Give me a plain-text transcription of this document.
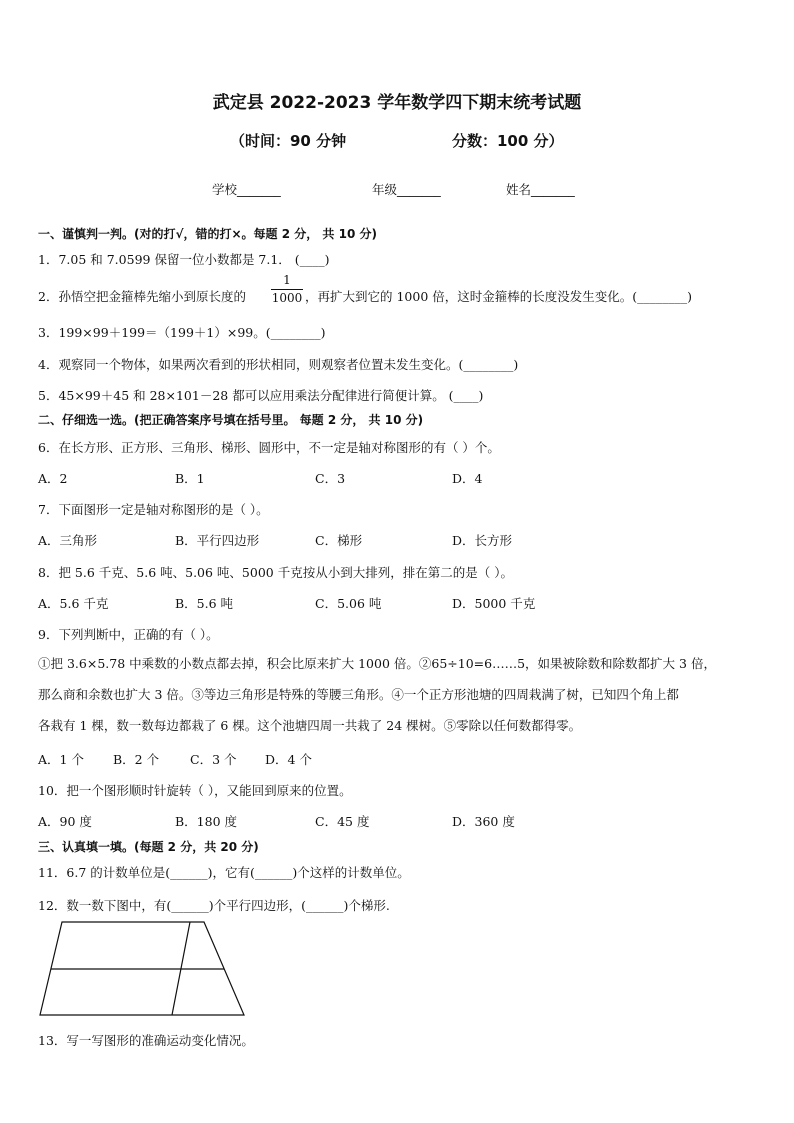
武定县 2022-2023 学年数学四下期末统考试题
（时间：90 分钟	分数：100 分）
学校_______	年级_______	姓名_______
一、谨慎判一判。(对的打√，错的打×。每题 2 分， 共 10 分)
1．7.05 和 7.0599 保留一位小数都是 7.1． (____)
2．孙悟空把金箍棒先缩小到原长度的
1
1000 ，再扩大到它的 1000 倍，这时金箍棒的长度没发生变化。(________)
3．199×99＋199＝（199＋1）×99。(________)
4．观察同一个物体，如果两次看到的形状相同，则观察者位置未发生变化。(________)
5．45×99＋45 和 28×101－28 都可以应用乘法分配律进行简便计算。 (____)
二、仔细选一选。(把正确答案序号填在括号里。 每题 2 分， 共 10 分)
6．在长方形、正方形、三角形、梯形、圆形中，不一定是轴对称图形的有（ ）个。
A．2	B．1	C．3	D．4
7．下面图形一定是轴对称图形的是（ ）。
A．三角形	B．平行四边形	C．梯形	D．长方形
8．把 5.6 千克、5.6 吨、5.06 吨、5000 千克按从小到大排列，排在第二的是（ ）。
A．5.6 千克	B．5.6 吨	C．5.06 吨	D．5000 千克
9．下列判断中，正确的有（ ）。
①把 3.6×5.78 中乘数的小数点都去掉，积会比原来扩大 1000 倍。②65÷10=6……5，如果被除数和除数都扩大 3 倍，
那么商和余数也扩大 3 倍。③等边三角形是特殊的等腰三角形。④一个正方形池塘的四周栽满了树，已知四个角上都
各栽有 1 棵，数一数每边都栽了 6 棵。这个池塘四周一共栽了 24 棵树。⑤零除以任何数都得零。
A．1 个 B．2 个 C．3 个 D．4 个
10．把一个图形顺时针旋转（ ），又能回到原来的位置。
A．90 度	B．180 度	C．45 度	D．360 度
三、认真填一填。(每题 2 分，共 20 分)
11．6.7 的计数单位是(______)，它有(______)个这样的计数单位。
12．数一数下图中，有(______)个平行四边形，(______)个梯形.
13．写一写图形的准确运动变化情况。
